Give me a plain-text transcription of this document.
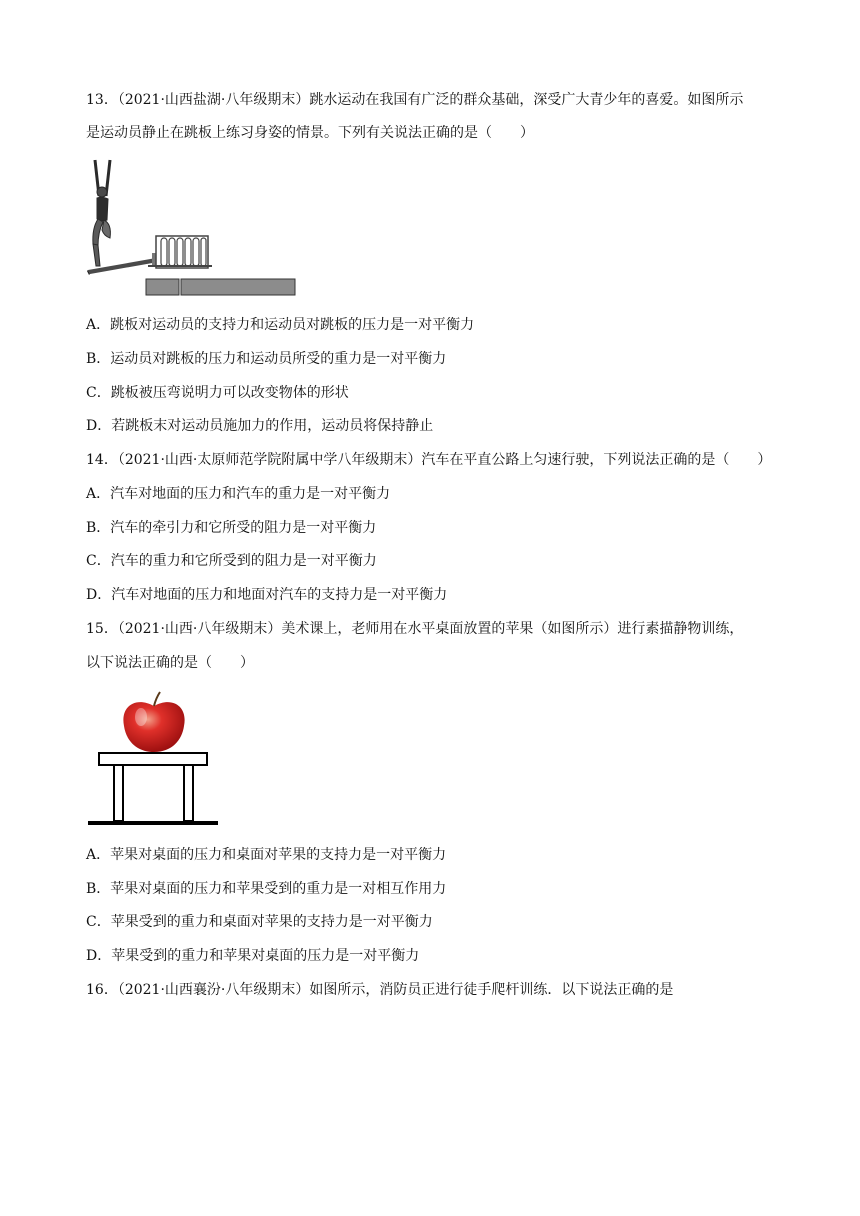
13．（2021·山西盐湖·八年级期末）跳水运动在我国有广泛的群众基础，深受广大青少年的喜爱。如图所示
是运动员静止在跳板上练习身姿的情景。下列有关说法正确的是（　　）
A．跳板对运动员的支持力和运动员对跳板的压力是一对平衡力
B．运动员对跳板的压力和运动员所受的重力是一对平衡力
C．跳板被压弯说明力可以改变物体的形状
D．若跳板末对运动员施加力的作用，运动员将保持静止
14．（2021·山西·太原师范学院附属中学八年级期末）汽车在平直公路上匀速行驶，下列说法正确的是（　　）
A．汽车对地面的压力和汽车的重力是一对平衡力
B．汽车的牵引力和它所受的阻力是一对平衡力
C．汽车的重力和它所受到的阻力是一对平衡力
D．汽车对地面的压力和地面对汽车的支持力是一对平衡力
15．（2021·山西·八年级期末）美术课上，老师用在水平桌面放置的苹果（如图所示）进行素描静物训练，
以下说法正确的是（　　）
A．苹果对桌面的压力和桌面对苹果的支持力是一对平衡力
B．苹果对桌面的压力和苹果受到的重力是一对相互作用力
C．苹果受到的重力和桌面对苹果的支持力是一对平衡力
D．苹果受到的重力和苹果对桌面的压力是一对平衡力
16．（2021·山西襄汾·八年级期末）如图所示，消防员正进行徒手爬杆训练．以下说法正确的是
